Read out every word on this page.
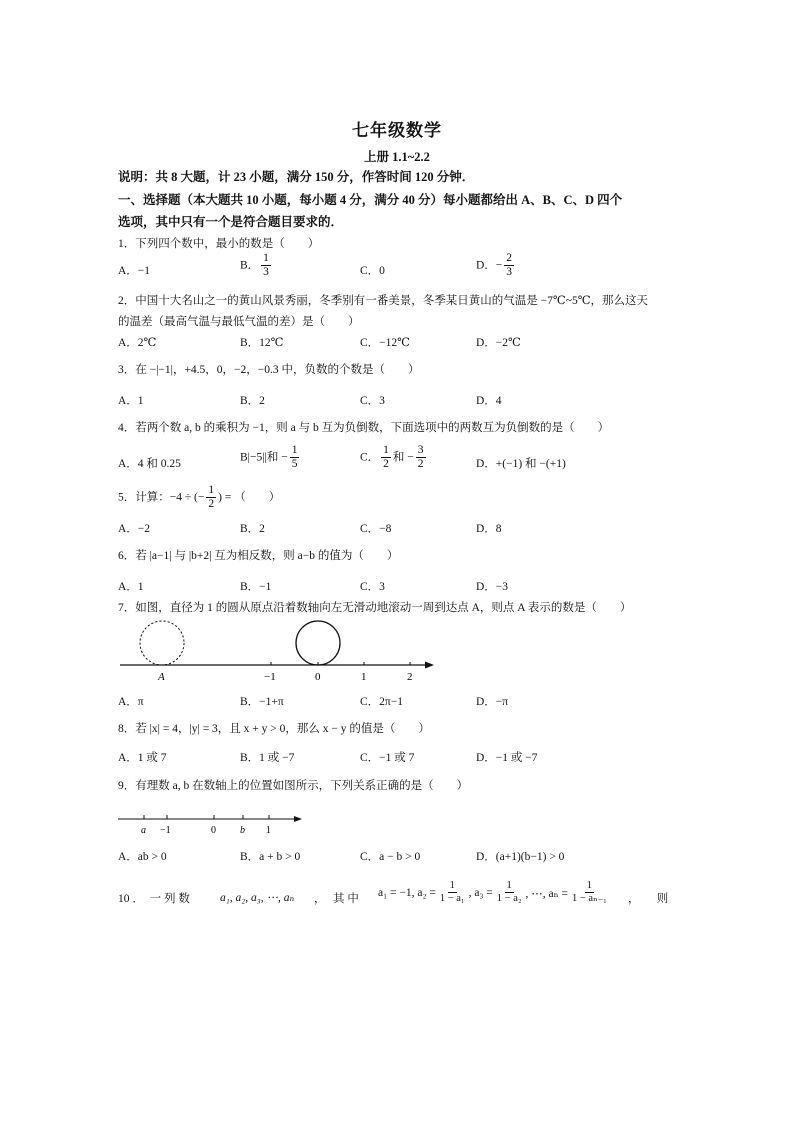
七年级数学
上册 1.1~2.2
说明：共 8 大题，计 23 小题，满分 150 分，作答时间 120 分钟．
一、选择题（本大题共 10 小题，每小题 4 分，满分 40 分）每小题都给出 A、B、C、D 四个
选项，其中只有一个是符合题目要求的．
1．下列四个数中，最小的数是（　　）
A．−1	B． $\frac{1}{3}$	C．0	D．− $\frac{2}{3}$
2．中国十大名山之一的黄山风景秀丽，冬季别有一番美景，冬季某日黄山的气温是 −7℃~5℃，那么这天
的温差（最高气温与最低气温的差）是（　　）
A．2℃	B．12℃	C．−12℃	D．−2℃
3．在 −|−1|，+4.5，0，−2，−0.3 中，负数的个数是（　　）
A．1	B．2	C．3	D．4
4．若两个数 a, b 的乘积为 −1，则 a 与 b 互为负倒数，下面选项中的两数互为负倒数的是（　　）
A．4 和 0.25
B|−5||和 − $\frac{1}{5}$	C． $\frac{1}{2}$ 和 − $\frac{3}{2}$	D．+(−1) 和 −(+1)
5．计算：−4 ÷ (− $\frac{1}{2}$ ) = （　　）
A．−2	B．2	C．−8	D．8
6．若 |a−1| 与 |b+2| 互为相反数，则 a−b 的值为（　　）
A．1	B．−1	C．3	D．−3
7．如图，直径为 1 的圆从原点沿着数轴向左无滑动地滚动一周到达点 A，则点 A 表示的数是（　　）
A	−1	0	1	2
A．π	B．−1+π	C．2π−1	D．−π
8．若 |x| = 4，|y| = 3，且 x + y > 0，那么 x − y 的值是（　　）
A．1 或 7	B．1 或 −7	C．−1 或 7	D．−1 或 −7
9．有理数 a, b 在数轴上的位置如图所示，下列关系正确的是（　　）
a −1	0 b 1
A．ab > 0	B．a + b > 0	C．a − b > 0	D．(a+1)(b−1) > 0
10 ．　一 列 数	a₁, a₂, a₃, ⋯, aₙ ， 其 中
a₁ = −1, $a_2 = \frac{1}{\text{1 − a₁}}$ , $a_3 = \frac{1}{\text{1 − a₂}}$ , ⋯, $a_n = \frac{1}{\text{1 − aₙ₋₁}}$ ，　　则
